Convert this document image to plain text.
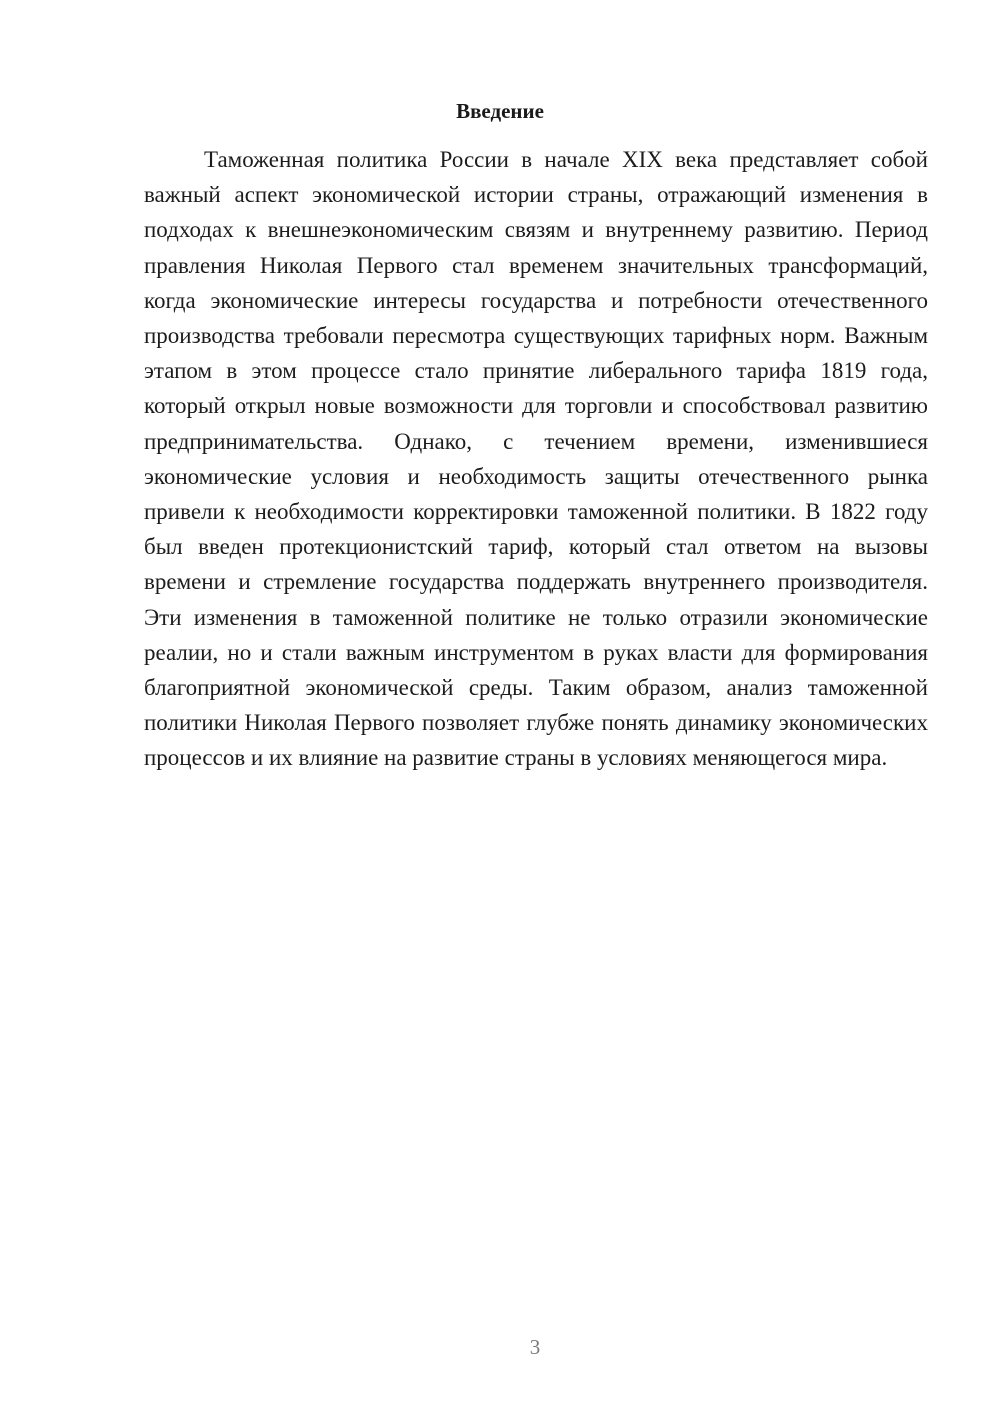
Введение

Таможенная политика России в начале XIX века представляет собой важный аспект экономической истории страны, отражающий изменения в подходах к внешнеэкономическим связям и внутреннему развитию. Период правления Николая Первого стал временем значительных трансформаций, когда экономические интересы государства и потребности отечественного производства требовали пересмотра существующих тарифных норм. Важным этапом в этом процессе стало принятие либерального тарифа 1819 года, который открыл новые возможности для торговли и способствовал развитию предпринимательства. Однако, с течением времени, изменившиеся экономические условия и необходимость защиты отечественного рынка привели к необходимости корректировки таможенной политики. В 1822 году был введен протекционистский тариф, который стал ответом на вызовы времени и стремление государства поддержать внутреннего производителя. Эти изменения в таможенной политике не только отразили экономические реалии, но и стали важным инструментом в руках власти для формирования благоприятной экономической среды. Таким образом, анализ таможенной политики Николая Первого позволяет глубже понять динамику экономических процессов и их влияние на развитие страны в условиях меняющегося мира.

3
